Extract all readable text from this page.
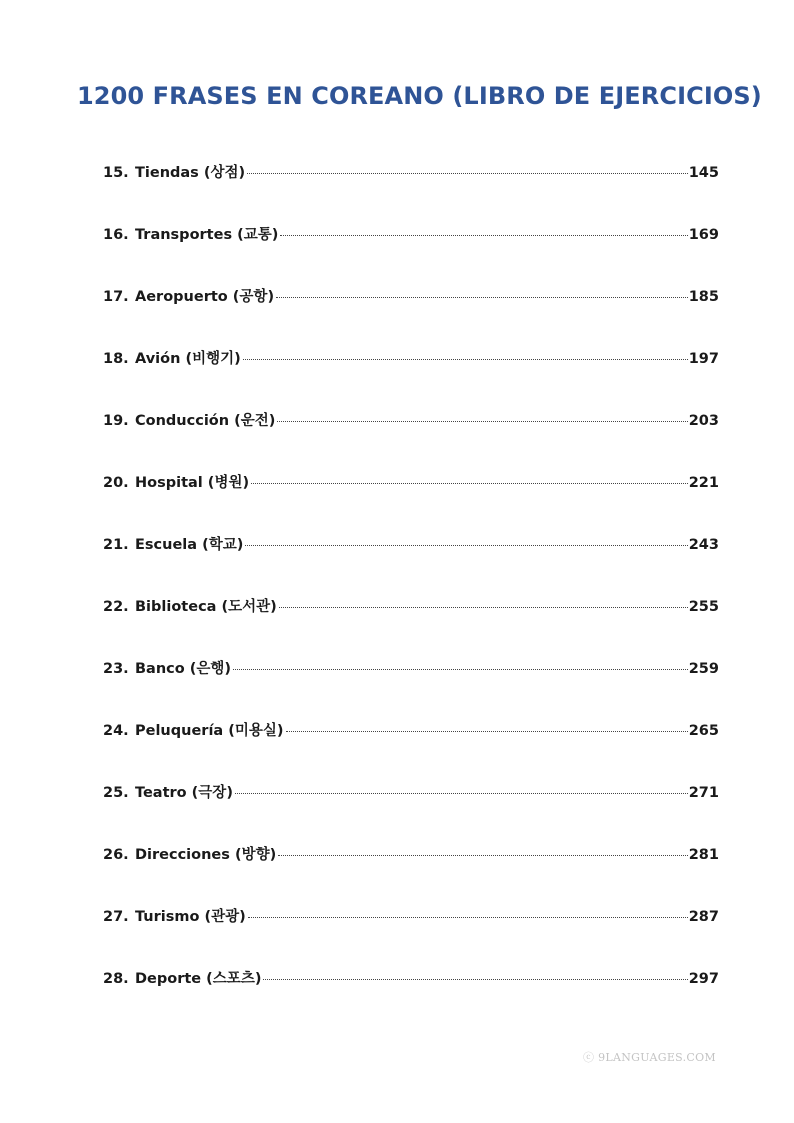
1200 FRASES EN COREANO (LIBRO DE EJERCICIOS)
15. Tiendas (상점)	145
16. Transportes (교통)	169
17. Aeropuerto (공항)	185
18. Avión (비행기)	197
19. Conducción (운전)	203
20. Hospital (병원)	221
21. Escuela (학교)	243
22. Biblioteca (도서관)	255
23. Banco (은행)	259
24. Peluquería (미용실)	265
25. Teatro (극장)	271
26. Direcciones (방향)	281
27. Turismo (관광)	287
28. Deporte (스포츠)	297
ⓒ 9LANGUAGES.COM
